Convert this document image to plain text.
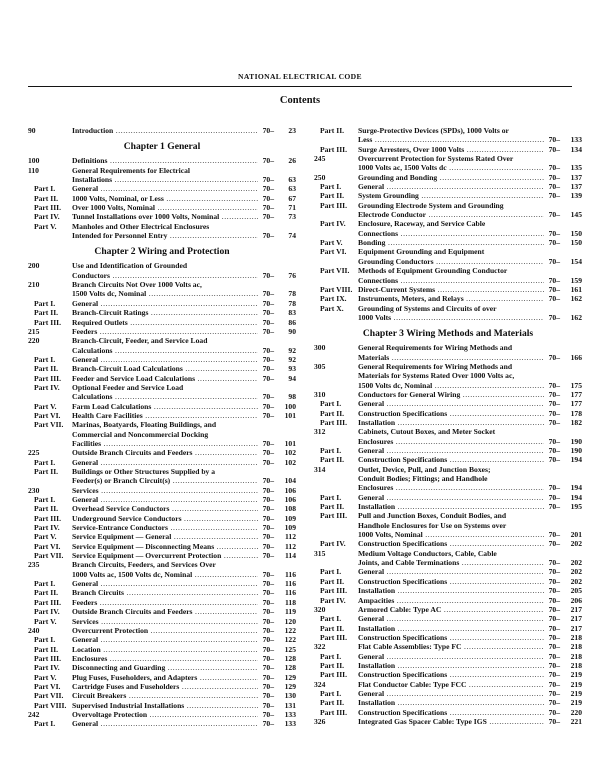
NATIONAL ELECTRICAL CODE
Contents
90	Introduction .....	70–	23
Chapter 1 General
100	Definitions .....	70–	26
110	General Requirements for Electrical
Installations .....	70–	63
Part I.	General .....	70–	63
Part II.	1000 Volts, Nominal, or Less .....	70–	67
Part III.	Over 1000 Volts, Nominal .....	70–	71
Part IV.	Tunnel Installations over 1000 Volts, Nominal .....	70–	73
Part V.	Manholes and Other Electrical Enclosures
Intended for Personnel Entry .....	70–	74
Chapter 2 Wiring and Protection
200	Use and Identification of Grounded
Conductors .....	70–	76
210	Branch Circuits Not Over 1000 Volts ac,
1500 Volts dc, Nominal .....	70–	78
Part I.	General .....	70–	78
Part II.	Branch-Circuit Ratings .....	70–	83
Part III.	Required Outlets .....	70–	86
215	Feeders .....	70–	90
220	Branch-Circuit, Feeder, and Service Load
Calculations .....	70–	92
Part I.	General .....	70–	92
Part II.	Branch-Circuit Load Calculations .....	70–	93
Part III.	Feeder and Service Load Calculations .....	70–	94
Part IV.	Optional Feeder and Service Load
Calculations .....	70–	98
Part V.	Farm Load Calculations .....	70–	100
Part VI.	Health Care Facilities .....	70–	101
Part VII.	Marinas, Boatyards, Floating Buildings, and
Commercial and Noncommercial Docking
Facilities .....	70–	101
225	Outside Branch Circuits and Feeders .....	70–	102
Part I.	General .....	70–	102
Part II.	Buildings or Other Structures Supplied by a
Feeder(s) or Branch Circuit(s) .....	70–	104
230	Services .....	70–	106
Part I.	General .....	70–	106
Part II.	Overhead Service Conductors .....	70–	108
Part III.	Underground Service Conductors .....	70–	109
Part IV.	Service-Entrance Conductors .....	70–	109
Part V.	Service Equipment — General .....	70–	112
Part VI.	Service Equipment — Disconnecting Means .....	70–	112
Part VII.	Service Equipment — Overcurrent Protection .....	70–	114
235	Branch Circuits, Feeders, and Services Over
1000 Volts ac, 1500 Volts dc, Nominal .....	70–	116
Part I.	General .....	70–	116
Part II.	Branch Circuits .....	70–	116
Part III.	Feeders .....	70–	118
Part IV.	Outside Branch Circuits and Feeders .....	70–	119
Part V.	Services .....	70–	120
240	Overcurrent Protection .....	70–	122
Part I.	General .....	70–	122
Part II.	Location .....	70–	125
Part III.	Enclosures .....	70–	128
Part IV.	Disconnecting and Guarding .....	70–	128
Part V.	Plug Fuses, Fuseholders, and Adapters .....	70–	129
Part VI.	Cartridge Fuses and Fuseholders .....	70–	129
Part VII.	Circuit Breakers .....	70–	130
Part VIII. Supervised Industrial Installations .....	70–	131
242	Overvoltage Protection .....	70–	133
Part I.	General .....	70–	133
Part II.	Surge-Protective Devices (SPDs), 1000 Volts or
Less .....	70–	133
Part III.	Surge Arresters, Over 1000 Volts .....	70–	134
245	Overcurrent Protection for Systems Rated Over
1000 Volts ac, 1500 Volts dc .....	70–	135
250	Grounding and Bonding .....	70–	137
Part I.	General .....	70–	137
Part II.	System Grounding .....	70–	139
Part III.	Grounding Electrode System and Grounding
Electrode Conductor .....	70–	145
Part IV.	Enclosure, Raceway, and Service Cable
Connections .....	70–	150
Part V.	Bonding .....	70–	150
Part VI.	Equipment Grounding and Equipment
Grounding Conductors .....	70–	154
Part VII.	Methods of Equipment Grounding Conductor
Connections .....	70–	159
Part VIII. Direct-Current Systems .....	70–	161
Part IX.	Instruments, Meters, and Relays .....	70–	162
Part X.	Grounding of Systems and Circuits of over
1000 Volts .....	70–	162
Chapter 3 Wiring Methods and Materials
300	General Requirements for Wiring Methods and
Materials .....	70–	166
305	General Requirements for Wiring Methods and
Materials for Systems Rated Over 1000 Volts ac,
1500 Volts dc, Nominal .....	70–	175
310	Conductors for General Wiring .....	70–	177
Part I.	General .....	70–	177
Part II.	Construction Specifications .....	70–	178
Part III.	Installation .....	70–	182
312	Cabinets, Cutout Boxes, and Meter Socket
Enclosures .....	70–	190
Part I.	General .....	70–	190
Part II.	Construction Specifications .....	70–	194
314	Outlet, Device, Pull, and Junction Boxes;
Conduit Bodies; Fittings; and Handhole
Enclosures .....	70–	194
Part I.	General .....	70–	194
Part II.	Installation .....	70–	195
Part III.	Pull and Junction Boxes, Conduit Bodies, and
Handhole Enclosures for Use on Systems over
1000 Volts, Nominal .....	70–	201
Part IV.	Construction Specifications .....	70–	202
315	Medium Voltage Conductors, Cable, Cable
Joints, and Cable Terminations .....	70–	202
Part I.	General .....	70–	202
Part II.	Construction Specifications .....	70–	202
Part III.	Installation .....	70–	205
Part IV.	Ampacities .....	70–	206
320	Armored Cable: Type AC .....	70–	217
Part I.	General .....	70–	217
Part II.	Installation .....	70–	217
Part III.	Construction Specifications .....	70–	218
322	Flat Cable Assemblies: Type FC .....	70–	218
Part I.	General .....	70–	218
Part II.	Installation .....	70–	218
Part III.	Construction Specifications .....	70–	219
324	Flat Conductor Cable: Type FCC .....	70–	219
Part I.	General .....	70–	219
Part II.	Installation .....	70–	219
Part III.	Construction Specifications .....	70–	220
326	Integrated Gas Spacer Cable: Type IGS .....	70–	221
